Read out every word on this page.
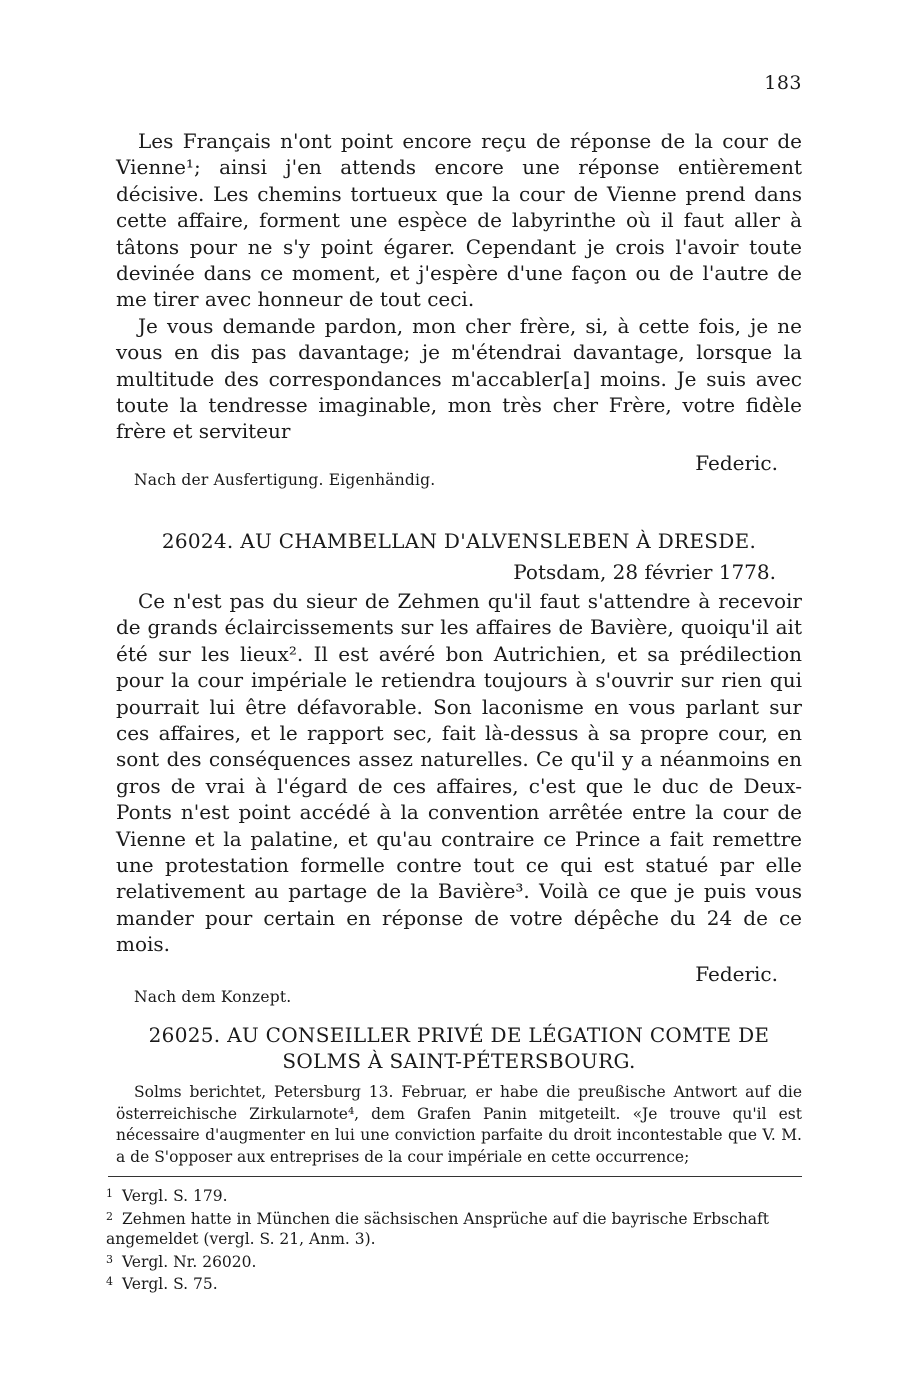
183

Les Français n'ont point encore reçu de réponse de la cour de Vienne¹; ainsi j'en attends encore une réponse entièrement décisive. Les chemins tortueux que la cour de Vienne prend dans cette affaire, forment une espèce de labyrinthe où il faut aller à tâtons pour ne s'y point égarer. Cependant je crois l'avoir toute devinée dans ce moment, et j'espère d'une façon ou de l'autre de me tirer avec honneur de tout ceci.

Je vous demande pardon, mon cher frère, si, à cette fois, je ne vous en dis pas davantage; je m'étendrai davantage, lorsque la multitude des correspondances m'accabler[a] moins. Je suis avec toute la tendresse imaginable, mon très cher Frère, votre fidèle frère et serviteur

Federic.
Nach der Ausfertigung. Eigenhändig.
26024. AU CHAMBELLAN D'ALVENSLEBEN À DRESDE.
Potsdam, 28 février 1778.

Ce n'est pas du sieur de Zehmen qu'il faut s'attendre à recevoir de grands éclaircissements sur les affaires de Bavière, quoiqu'il ait été sur les lieux². Il est avéré bon Autrichien, et sa prédilection pour la cour impériale le retiendra toujours à s'ouvrir sur rien qui pourrait lui être défavorable. Son laconisme en vous parlant sur ces affaires, et le rapport sec, fait là-dessus à sa propre cour, en sont des conséquences assez naturelles. Ce qu'il y a néanmoins en gros de vrai à l'égard de ces affaires, c'est que le duc de Deux-Ponts n'est point accédé à la convention arrêtée entre la cour de Vienne et la palatine, et qu'au contraire ce Prince a fait remettre une protestation formelle contre tout ce qui est statué par elle relativement au partage de la Bavière³. Voilà ce que je puis vous mander pour certain en réponse de votre dépêche du 24 de ce mois.

Federic.
Nach dem Konzept.
26025. AU CONSEILLER PRIVÉ DE LÉGATION COMTE DE
SOLMS À SAINT-PÉTERSBOURG.

Solms berichtet, Petersburg 13. Februar, er habe die preußische Antwort auf die österreichische Zirkularnote⁴, dem Grafen Panin mitgeteilt. «Je trouve qu'il est nécessaire d'augmenter en lui une conviction parfaite du droit incontestable que V. M. a de S'opposer aux entreprises de la cour impériale en cette occurrence;

1 Vergl. S. 179.
2 Zehmen hatte in München die sächsischen Ansprüche auf die bayrische Erbschaft angemeldet (vergl. S. 21, Anm. 3).
3 Vergl. Nr. 26020.
4 Vergl. S. 75.
